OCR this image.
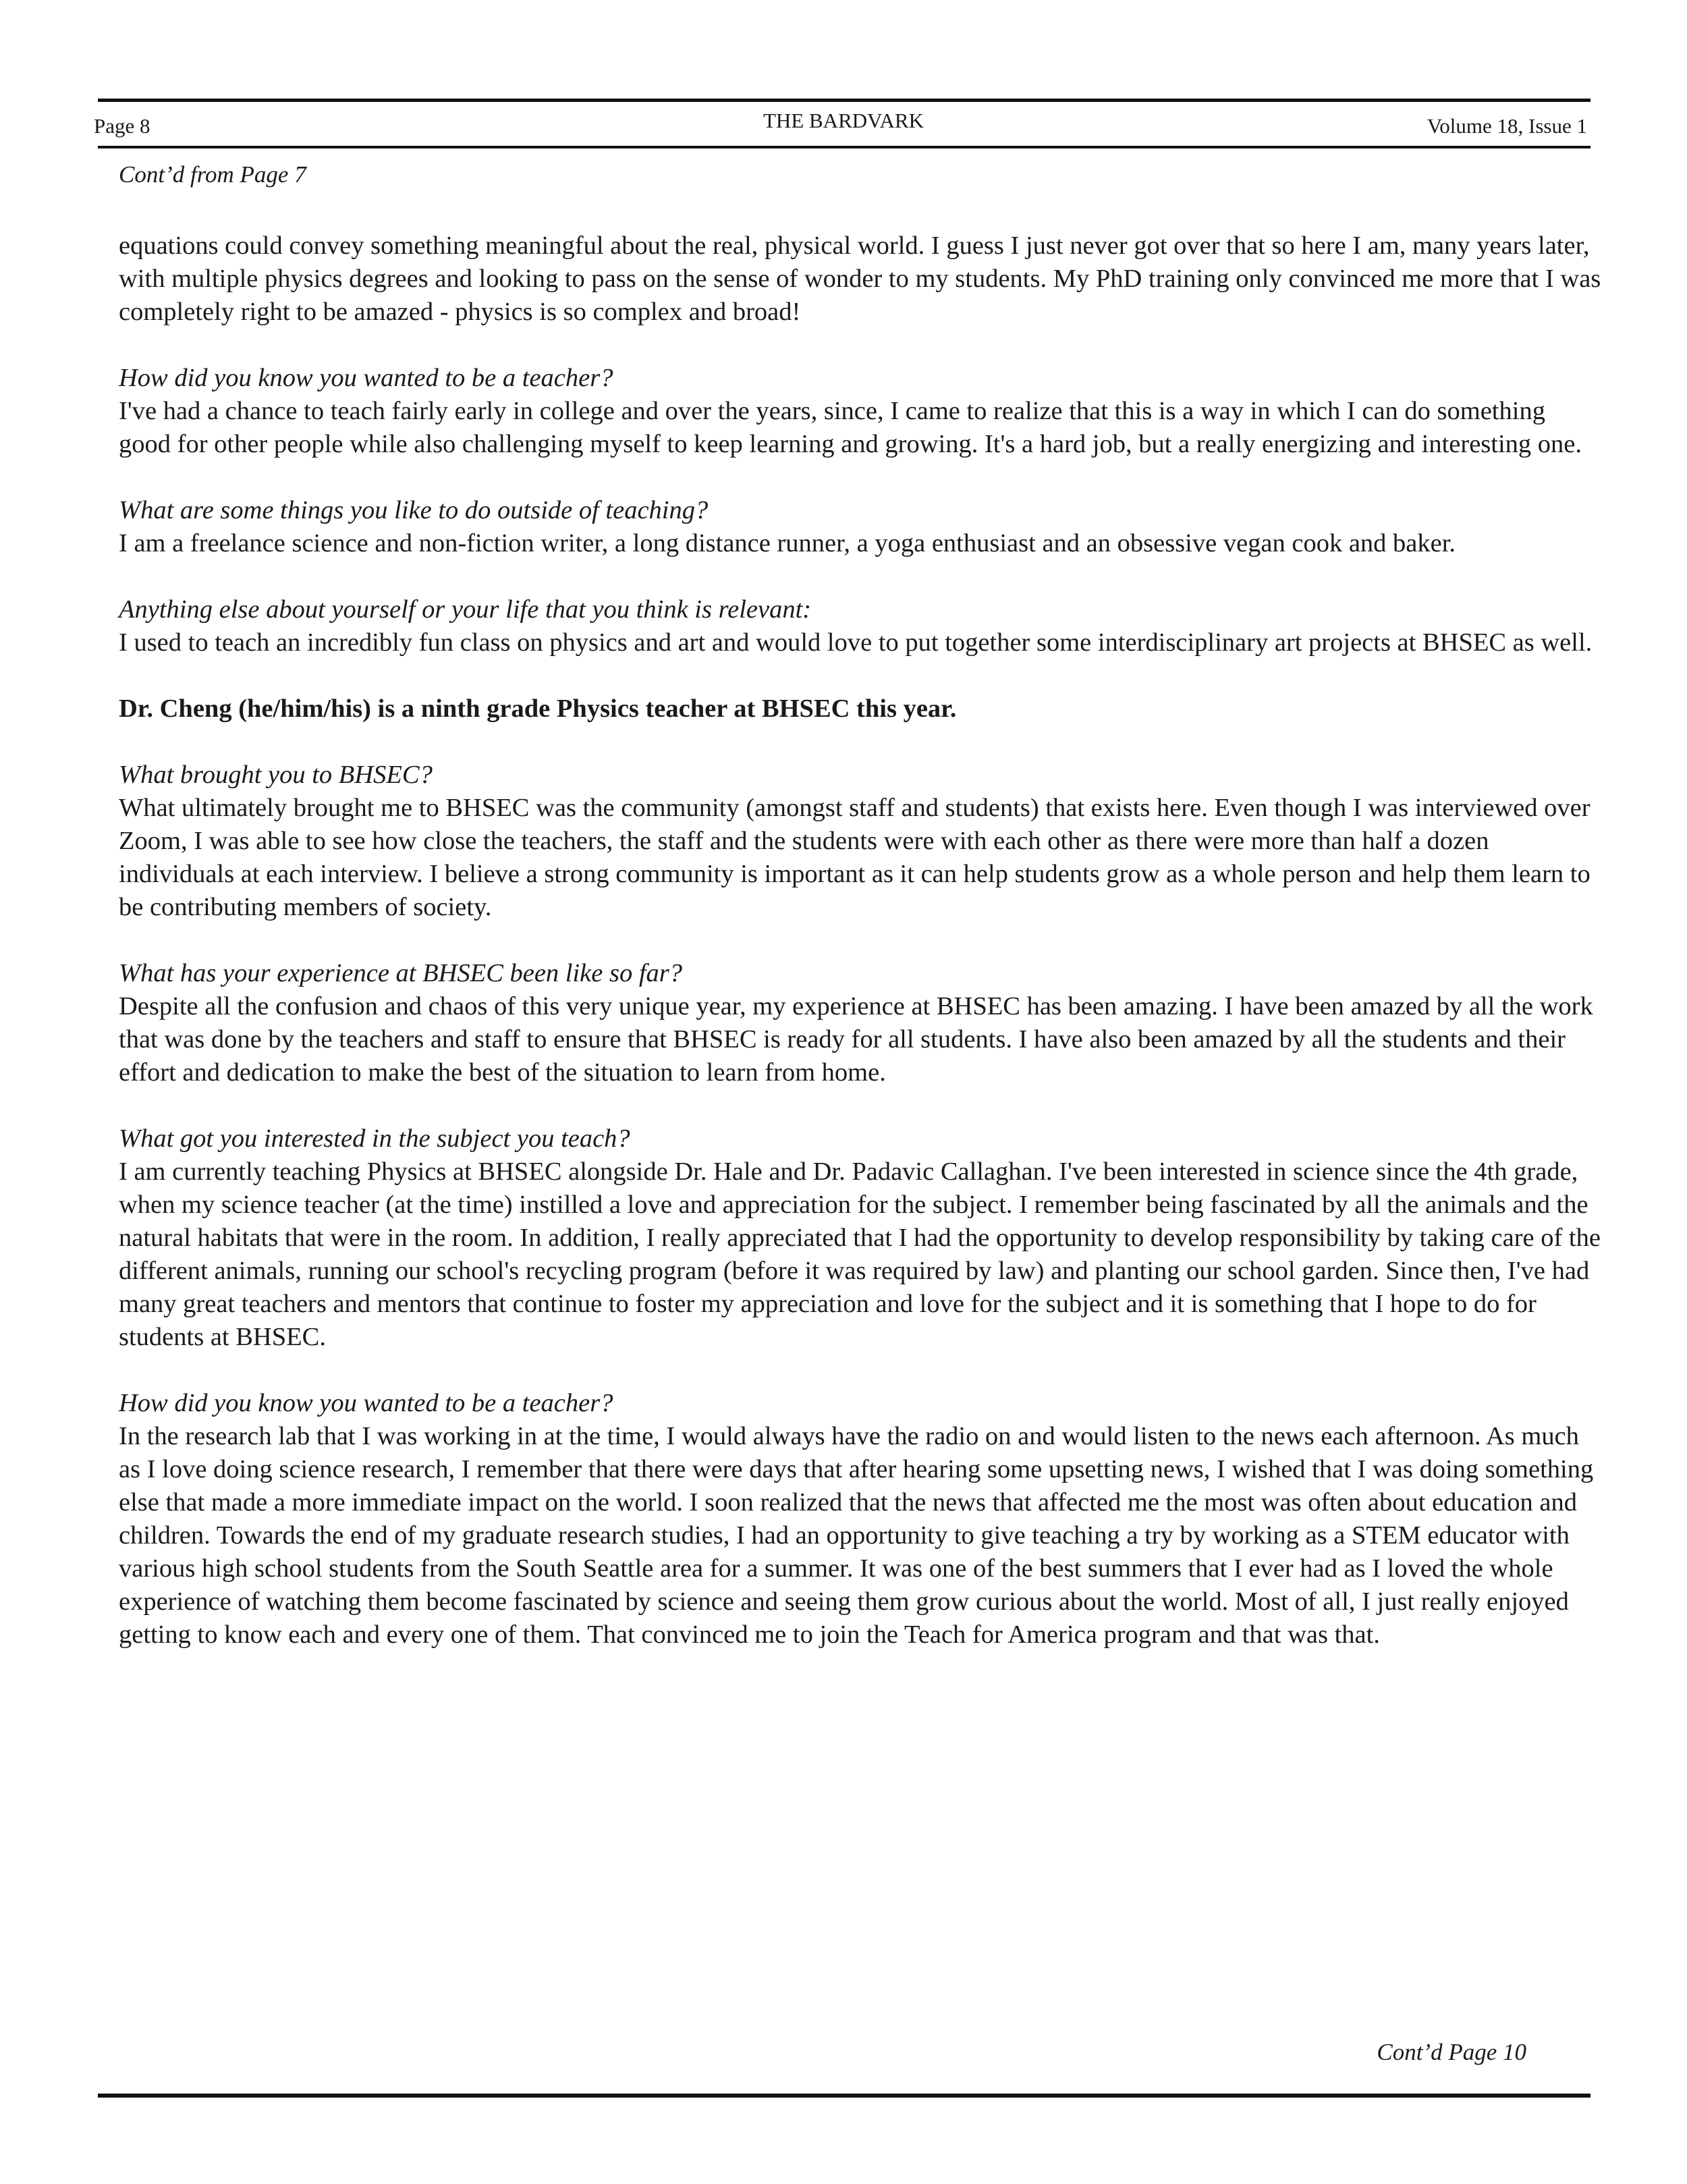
Page 8	THE BARDVARK	Volume 18, Issue 1
Cont’d from Page 7

equations could convey something meaningful about the real, physical world. I guess I just never got over that so here I am, many years later, with multiple physics degrees and looking to pass on the sense of wonder to my students. My PhD training only convinced me more that I was completely right to be amazed - physics is so complex and broad!

How did you know you wanted to be a teacher?

I've had a chance to teach fairly early in college and over the years, since, I came to realize that this is a way in which I can do something good for other people while also challenging myself to keep learning and growing. It's a hard job, but a really energizing and interesting one.

What are some things you like to do outside of teaching?

I am a freelance science and non-fiction writer, a long distance runner, a yoga enthusiast and an obsessive vegan cook and baker.

Anything else about yourself or your life that you think is relevant:

I used to teach an incredibly fun class on physics and art and would love to put together some interdisciplinary art projects at BHSEC as well.

Dr. Cheng (he/him/his) is a ninth grade Physics teacher at BHSEC this year.

What brought you to BHSEC?

What ultimately brought me to BHSEC was the community (amongst staff and students) that exists here. Even though I was interviewed over Zoom, I was able to see how close the teachers, the staff and the students were with each other as there were more than half a dozen individuals at each interview. I believe a strong community is important as it can help students grow as a whole person and help them learn to be contributing members of society.

What has your experience at BHSEC been like so far?

Despite all the confusion and chaos of this very unique year, my experience at BHSEC has been amazing. I have been amazed by all the work that was done by the teachers and staff to ensure that BHSEC is ready for all students. I have also been amazed by all the students and their effort and dedication to make the best of the situation to learn from home.

What got you interested in the subject you teach?

I am currently teaching Physics at BHSEC alongside Dr. Hale and Dr. Padavic Callaghan. I've been interested in science since the 4th grade, when my science teacher (at the time) instilled a love and appreciation for the subject. I remember being fascinated by all the animals and the natural habitats that were in the room. In addition, I really appreciated that I had the opportunity to develop responsibility by taking care of the different animals, running our school's recycling program (before it was required by law) and planting our school garden. Since then, I've had many great teachers and mentors that continue to foster my appreciation and love for the subject and it is something that I hope to do for students at BHSEC.

How did you know you wanted to be a teacher?

In the research lab that I was working in at the time, I would always have the radio on and would listen to the news each afternoon. As much as I love doing science research, I remember that there were days that after hearing some upsetting news, I wished that I was doing something else that made a more immediate impact on the world. I soon realized that the news that affected me the most was often about education and children. Towards the end of my graduate research studies, I had an opportunity to give teaching a try by working as a STEM educator with various high school students from the South Seattle area for a summer. It was one of the best summers that I ever had as I loved the whole experience of watching them become fascinated by science and seeing them grow curious about the world. Most of all, I just really enjoyed getting to know each and every one of them. That convinced me to join the Teach for America program and that was that.

Cont’d Page 10
